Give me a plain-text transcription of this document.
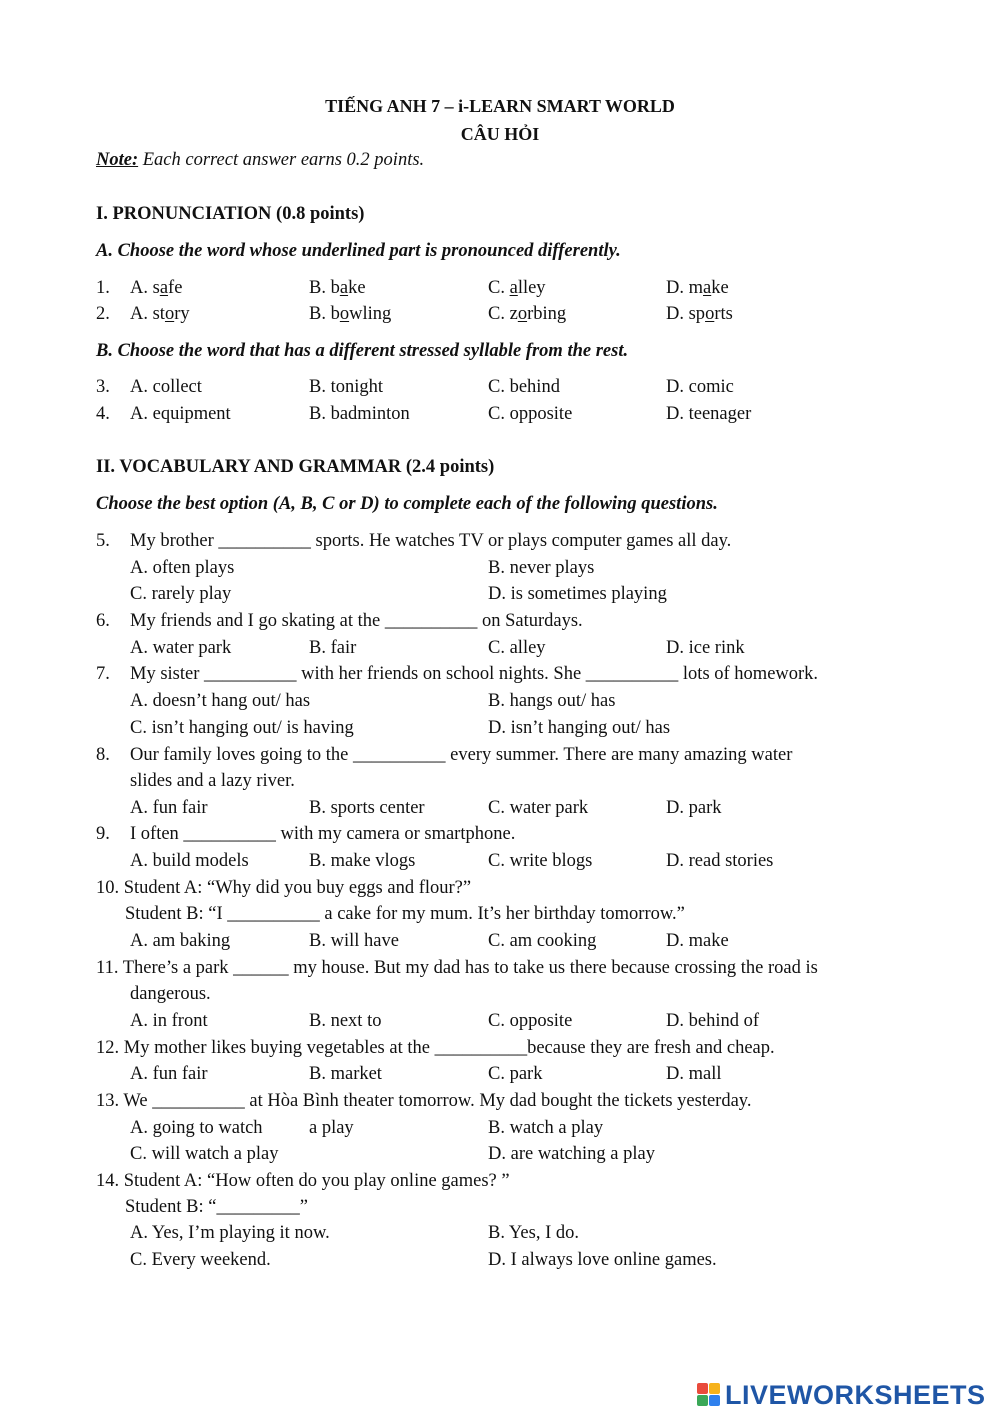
TIẾNG ANH 7 – i-LEARN SMART WORLD
CÂU HỎI
Note: Each correct answer earns 0.2 points.
I. PRONUNCIATION (0.8 points)
A. Choose the word whose underlined part is pronounced differently.
1. A. safe	B. bake	C. alley	D. make
2. A. story	B. bowling	C. zorbing	D. sports
B. Choose the word that has a different stressed syllable from the rest.
3. A. collect	B. tonight	C. behind	D. comic
4. A. equipment	B. badminton	C. opposite	D. teenager
II. VOCABULARY AND GRAMMAR (2.4 points)
Choose the best option (A, B, C or D) to complete each of the following questions.
5. My brother __________ sports. He watches TV or plays computer games all day.
A. often plays	B. never plays
C. rarely play	D. is sometimes playing
6. My friends and I go skating at the __________ on Saturdays.
A. water park	B. fair	C. alley	D. ice rink
7. My sister __________ with her friends on school nights. She __________ lots of homework.
A. doesn’t hang out/ has	B. hangs out/ has
C. isn’t hanging out/ is having	D. isn’t hanging out/ has
8. Our family loves going to the __________ every summer. There are many amazing water
slides and a lazy river.
A. fun fair	B. sports center	C. water park	D. park
9. I often __________ with my camera or smartphone.
A. build models	B. make vlogs	C. write blogs	D. read stories
10. Student A: “Why did you buy eggs and flour?”
Student B: “I __________ a cake for my mum. It’s her birthday tomorrow.”
A. am baking	B. will have	C. am cooking	D. make
11. There’s a park ______ my house. But my dad has to take us there because crossing the road is
dangerous.
A. in front	B. next to	C. opposite	D. behind of
12. My mother likes buying vegetables at the __________because they are fresh and cheap.
A. fun fair	B. market	C. park	D. mall
13. We __________ at Hòa Bình theater tomorrow. My dad bought the tickets yesterday.
A. going to watch	a play	B. watch a play
C. will watch a play	D. are watching a play
14. Student A: “How often do you play online games? ”
Student B: “_________”
A. Yes, I’m playing it now.	B. Yes, I do.
C. Every weekend.	D. I always love online games.
LIVEWORKSHEETS
